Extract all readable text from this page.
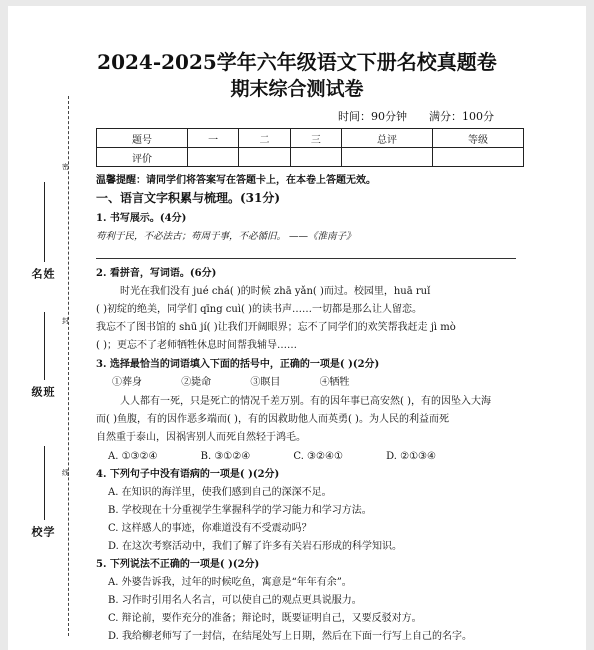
密
封
线
姓名
班级
学校
2024-2025学年六年级语文下册名校真题卷
期末综合测试卷
时间：90分钟 满分：100分
题号	一	二	三	总评	等级
评价					
温馨提醒：请同学们将答案写在答题卡上，在本卷上答题无效。
一、语言文字积累与梳理。(31分)
1. 书写展示。(4分)
苟利于民，不必法古；苟周于事，不必循旧。 ——《淮南子》
2. 看拼音，写词语。(6分)
时光在我们没有 jué chá( )的时候 zhā yǎn( )而过。校园里，huā ruǐ
( )初绽的绝美，同学们 qīng cuì( )的读书声……一切都是那么让人留恋。
我忘不了图书馆的 shū jí( )让我们开阔眼界；忘不了同学们的欢笑帮我赶走 jì mò
( )；更忘不了老师牺牲休息时间帮我辅导……
3. 选择最恰当的词语填入下面的括号中，正确的一项是( )(2分)
①葬身	②毙命	③瞑目	④牺牲
人人都有一死，只是死亡的情况千差万别。有的因年事已高安然( )，有的因坠入大海
而( )鱼腹，有的因作恶多端而( )，有的因救助他人而英勇( )。为人民的利益而死
自然重于泰山，因祸害别人而死自然轻于鸿毛。
A. ①③②④	B. ③①②④	C. ③②④①	D. ②①③④
4. 下列句子中没有语病的一项是( )(2分)
A. 在知识的海洋里，使我们感到自己的深深不足。
B. 学校现在十分重视学生掌握科学的学习能力和学习方法。
C. 这样感人的事迹，你难道没有不受震动吗？
D. 在这次考察活动中，我们了解了许多有关岩石形成的科学知识。
5. 下列说法不正确的一项是( )(2分)
A. 外婆告诉我，过年的时候吃鱼，寓意是“年年有余”。
B. 习作时引用名人名言，可以使自己的观点更具说服力。
C. 辩论前，要作充分的准备；辩论时，既要证明自己，又要反驳对方。
D. 我给柳老师写了一封信，在结尾处写上日期，然后在下面一行写上自己的名字。
